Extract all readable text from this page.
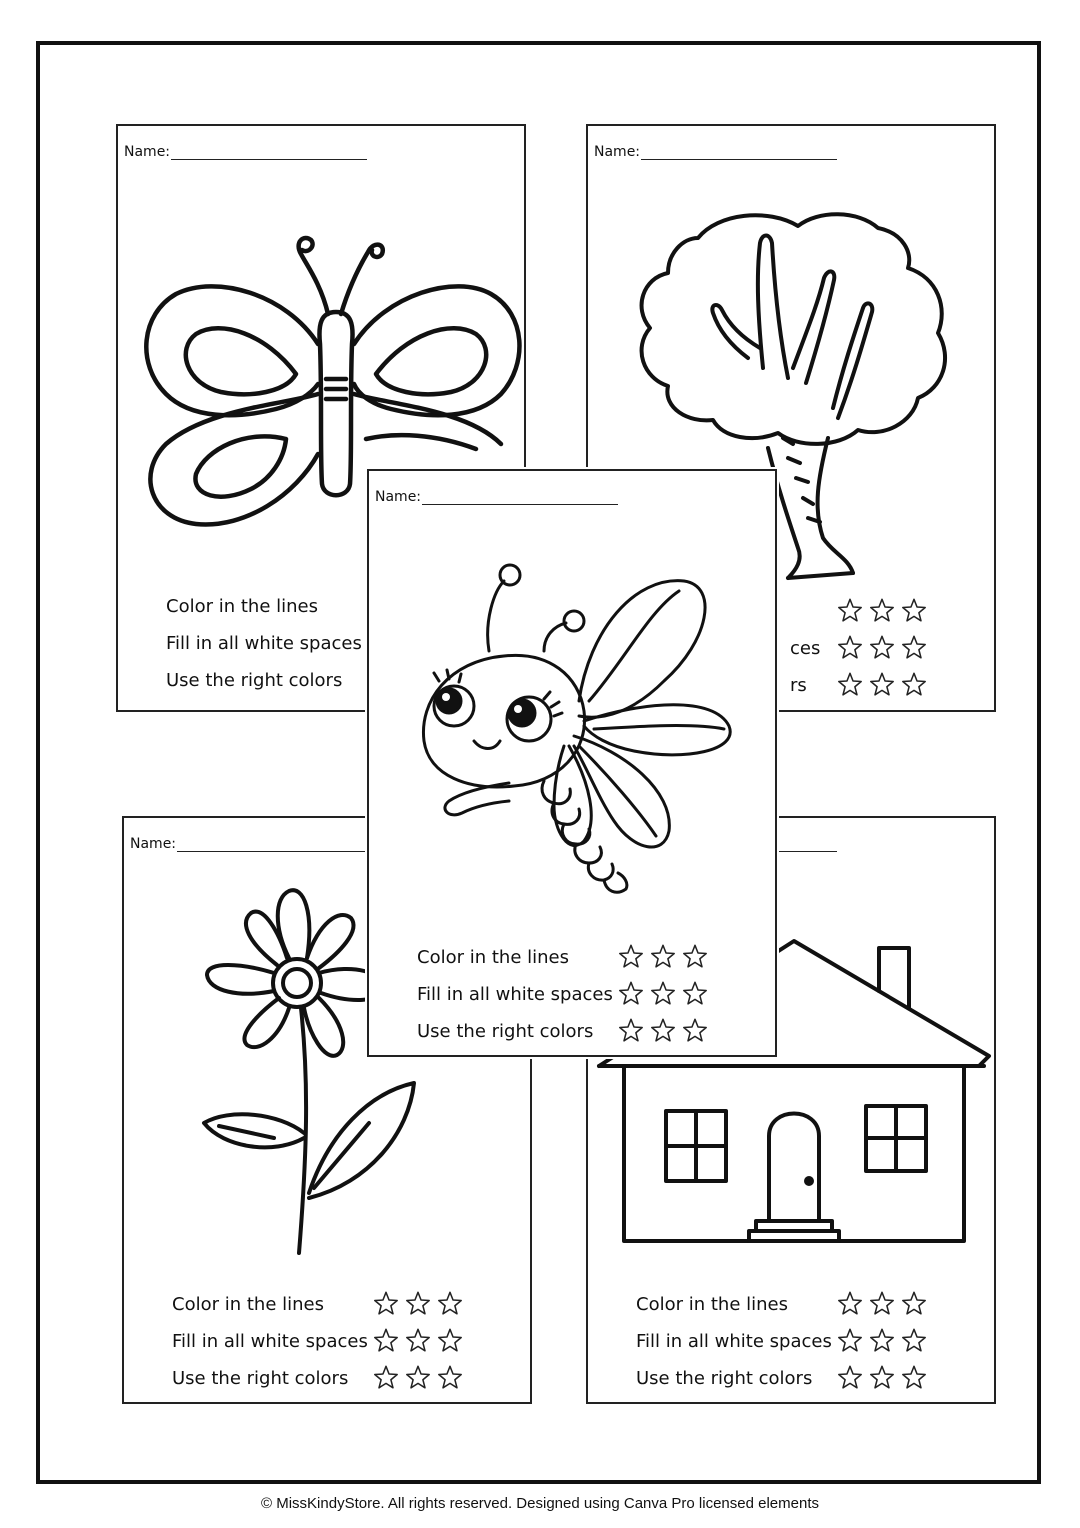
Name:
Color in the lines
Fill in all white spaces
Use the right colors
Name:
ces
rs
Name:
Color in the lines
Fill in all white spaces
Use the right colors
Color in the lines
Fill in all white spaces
Use the right colors
Name:
Color in the lines
Fill in all white spaces
Use the right colors
© MissKindyStore. All rights reserved. Designed using Canva Pro licensed elements
